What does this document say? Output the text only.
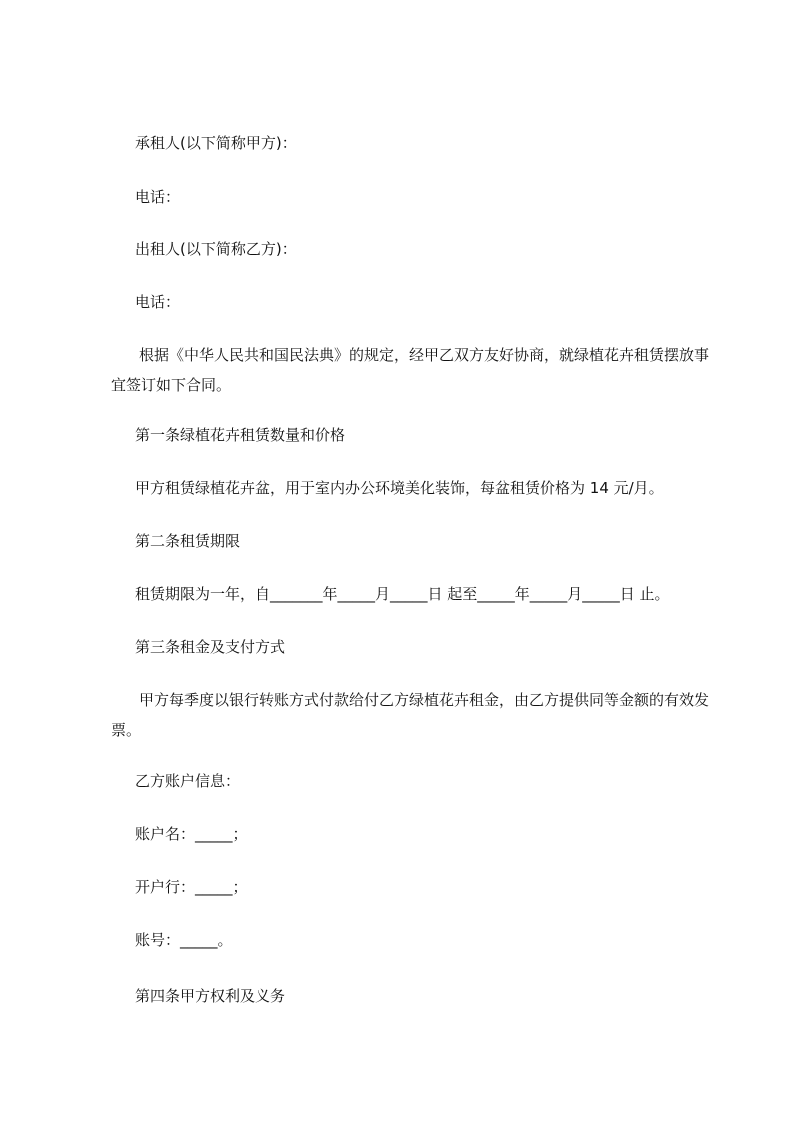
承租人(以下简称甲方)：

电话：

出租人(以下简称乙方)：

电话：

根据《中华人民共和国民法典》的规定，经甲乙双方友好协商，就绿植花卉租赁摆放事宜签订如下合同。

第一条绿植花卉租赁数量和价格

甲方租赁绿植花卉盆，用于室内办公环境美化装饰，每盆租赁价格为 14 元/月。

第二条租赁期限

租赁期限为一年，自_______年_____月_____日 起至_____年_____月_____日 止。

第三条租金及支付方式

甲方每季度以银行转账方式付款给付乙方绿植花卉租金，由乙方提供同等金额的有效发票。

乙方账户信息：

账户名：_____；

开户行：_____；

账号：_____。

第四条甲方权利及义务
